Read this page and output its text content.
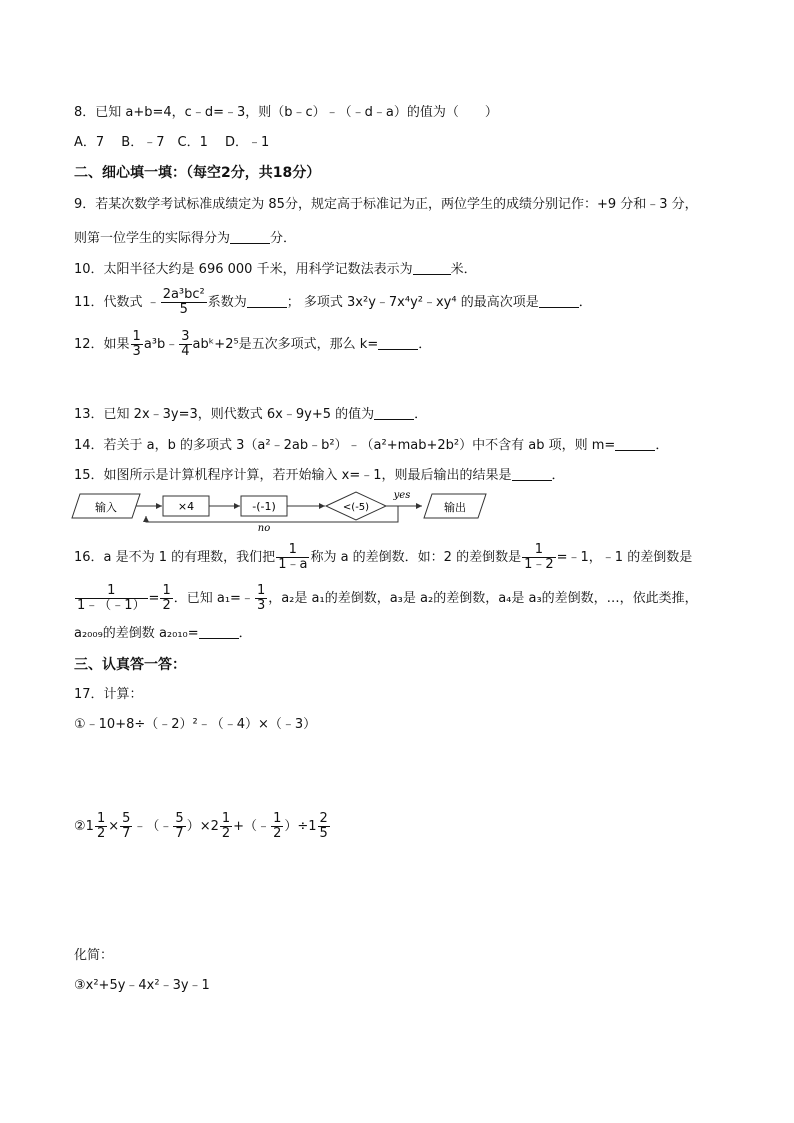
8．已知 a+b=4，c﹣d=﹣3，则（b﹣c）﹣（﹣d﹣a）的值为（　　）
A．7　 B．﹣7　C．1　 D．﹣1
二、细心填一填：（每空2分，共18分）
9．若某次数学考试标准成绩定为 85分，规定高于标准记为正，两位学生的成绩分别记作：+9 分和﹣3 分，
则第一位学生的实际得分为	分．
10．太阳半径大约是 696 000 千米，用科学记数法表示为	米．
11．代数式 ﹣ $\frac{\text{2a³bc²}}{5}$ 系数为	； 多项式 3x²y﹣7x⁴y²﹣xy⁴ 的最高次项是	．
12．如果 $\frac{1}{3}$ a³b﹣ $\frac{3}{4}$ abᵏ+2⁵是五次多项式，那么 k=	．
13．已知 2x﹣3y=3，则代数式 6x﹣9y+5 的值为	．
14．若关于 a，b 的多项式 3（a²﹣2ab﹣b²）﹣（a²+mab+2b²）中不含有 ab 项，则 m=	．
15．如图所示是计算机程序计算，若开始输入 x=﹣1，则最后输出的结果是	．
输入	×4	-(-1)	<(-5)
yes
输出
no
16．a 是不为 1 的有理数，我们把 $\frac{1}{1﹣a}$ 称为 a 的差倒数．如：2 的差倒数是 $\frac{1}{1﹣2}$ =﹣1，﹣1 的差倒数是
$\frac{1}{1﹣(﹣1)} = \frac{1}{2}$ ．已知 a₁=﹣ $\frac{1}{3}$ ，a₂是 a₁的差倒数，a₃是 a₂的差倒数，a₄是 a₃的差倒数，…，依此类推，
a₂₀₀₉的差倒数 a₂₀₁₀=	．
三、认真答一答：
17．计算：
①﹣10+8÷（﹣2）²﹣（﹣4）×（﹣3）
②1 $\frac{1}{2} \times \frac{5}{7}$ ﹣（﹣ $\frac{5}{7} )\times 2 \frac{1}{2}$ +（﹣ $\frac{1}{2} )\div 1 \frac{2}{5}$
化简：
③x²+5y﹣4x²﹣3y﹣1
